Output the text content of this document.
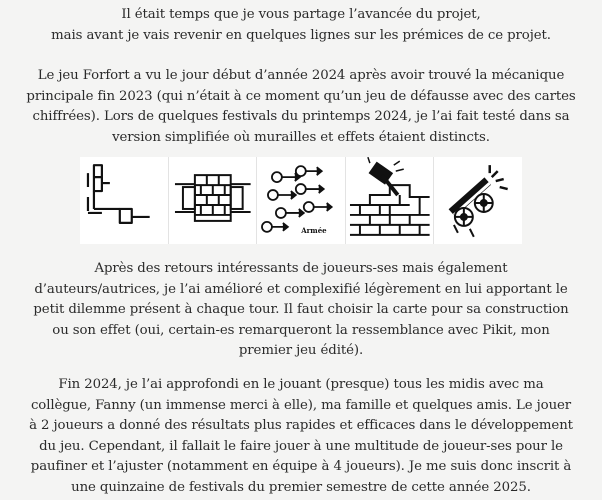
Il était temps que je vous partage l’avancée du projet,
mais avant je vais revenir en quelques lignes sur les prémices de ce projet.

Le jeu Forfort a vu le jour début d’année 2024 après avoir trouvé la mécanique
principale fin 2023 (qui n’était à ce moment qu’un jeu de défausse avec des cartes
chiffrées). Lors de quelques festivals du printemps 2024, je l’ai fait testé dans sa
version simplifiée où murailles et effets étaient distincts.

Armée

Après des retours intéressants de joueurs-ses mais également
d’auteurs/autrices, je l’ai amélioré et complexifié légèrement en lui apportant le
petit dilemme présent à chaque tour. Il faut choisir la carte pour sa construction
ou son effet (oui, certain-es remarqueront la ressemblance avec Pikit, mon
premier jeu édité).

Fin 2024, je l’ai approfondi en le jouant (presque) tous les midis avec ma
collègue, Fanny (un immense merci à elle), ma famille et quelques amis. Le jouer
à 2 joueurs a donné des résultats plus rapides et efficaces dans le développement
du jeu. Cependant, il fallait le faire jouer à une multitude de joueur-ses pour le
paufiner et l’ajuster (notamment en équipe à 4 joueurs). Je me suis donc inscrit à
une quinzaine de festivals du premier semestre de cette année 2025.
